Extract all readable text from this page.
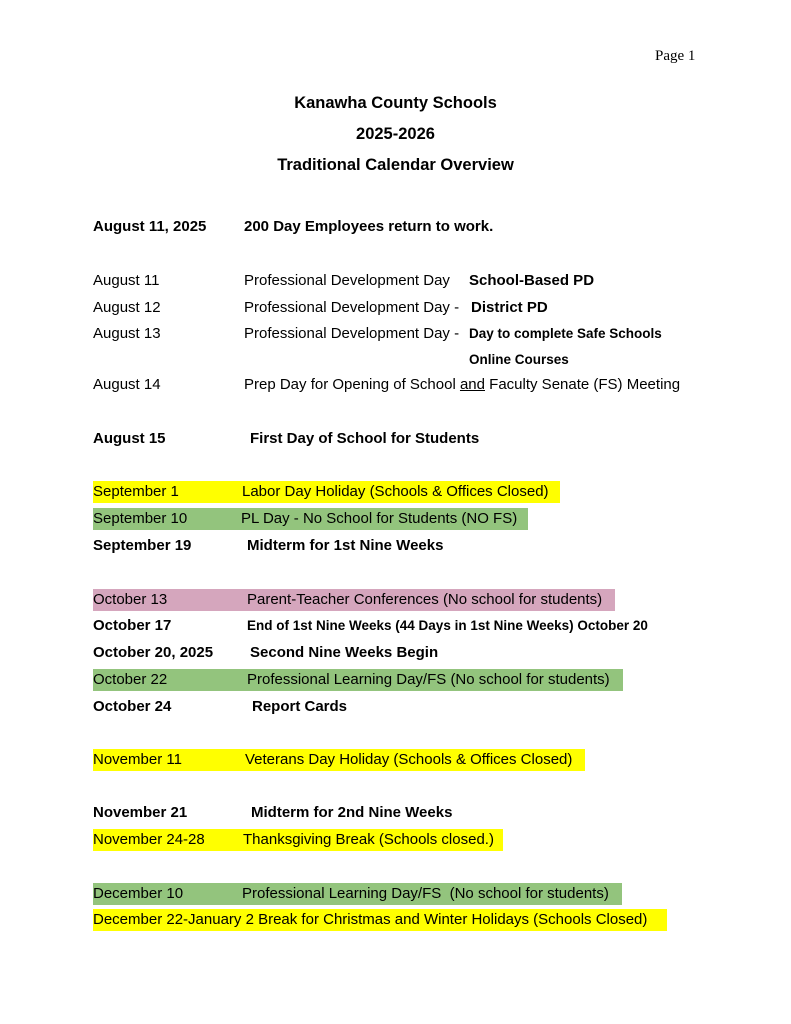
Page 1
Kanawha County Schools
2025-2026
Traditional Calendar Overview
August 11, 2025	200 Day Employees return to work.
August 11	Professional Development Day School-Based PD
August 12	Professional Development Day - District PD
August 13	Professional Development Day - Day to complete Safe Schools
Online Courses
August 14	Prep Day for Opening of School and Faculty Senate (FS) Meeting
August 15	First Day of School for Students
September 1	Labor Day Holiday (Schools & Offices Closed)
September 10	PL Day - No School for Students (NO FS)
September 19	Midterm for 1st Nine Weeks
October 13	Parent-Teacher Conferences (No school for students)
October 17	End of 1st Nine Weeks (44 Days in 1st Nine Weeks) October 20
October 20, 2025 Second Nine Weeks Begin
October 22	Professional Learning Day/FS (No school for students)
October 24	Report Cards
November 11	Veterans Day Holiday (Schools & Offices Closed)
November 21	Midterm for 2nd Nine Weeks
November 24-28	Thanksgiving Break (Schools closed.)
December 10	Professional Learning Day/FS  (No school for students)
December 22-January 2 Break for Christmas and Winter Holidays (Schools Closed)
